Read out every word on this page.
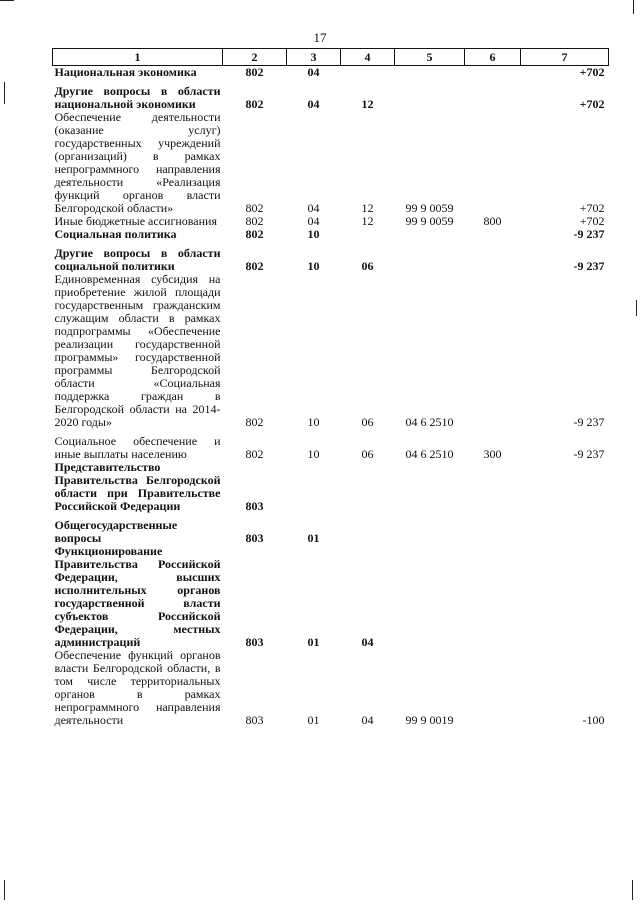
17
1	2	3	4	5	6	7
Национальная экономика	802	04				+702
Другие вопросы в области национальной экономики	802	04	12			+702
Обеспечение деятельности (оказание услуг) государственных учреждений (организаций) в рамках непрограммного направления деятельности «Реализация функций органов власти Белгородской области»	802	04	12	99 9 0059		+702
Иные бюджетные ассигнования	802	04	12	99 9 0059	800	+702
Социальная политика	802	10				-9 237
Другие вопросы в области социальной политики	802	10	06			-9 237
Единовременная субсидия на приобретение жилой площади государственным гражданским служащим области в рамках подпрограммы «Обеспечение реализации государственной программы» государственной программы Белгородской области «Социальная поддержка граждан в Белгородской области на 2014-2020 годы»	802	10	06	04 6 2510		-9 237
Социальное обеспечение и иные выплаты населению	802	10	06	04 6 2510	300	-9 237
Представительство Правительства Белгородской области при Правительстве Российской Федерации	803					
Общегосударственные вопросы	803	01				
Функционирование Правительства Российской Федерации, высших исполнительных органов государственной власти субъектов Российской Федерации, местных администраций	803	01	04			
Обеспечение функций органов власти Белгородской области, в том числе территориальных органов в рамках непрограммного направления деятельности	803	01	04	99 9 0019		-100
